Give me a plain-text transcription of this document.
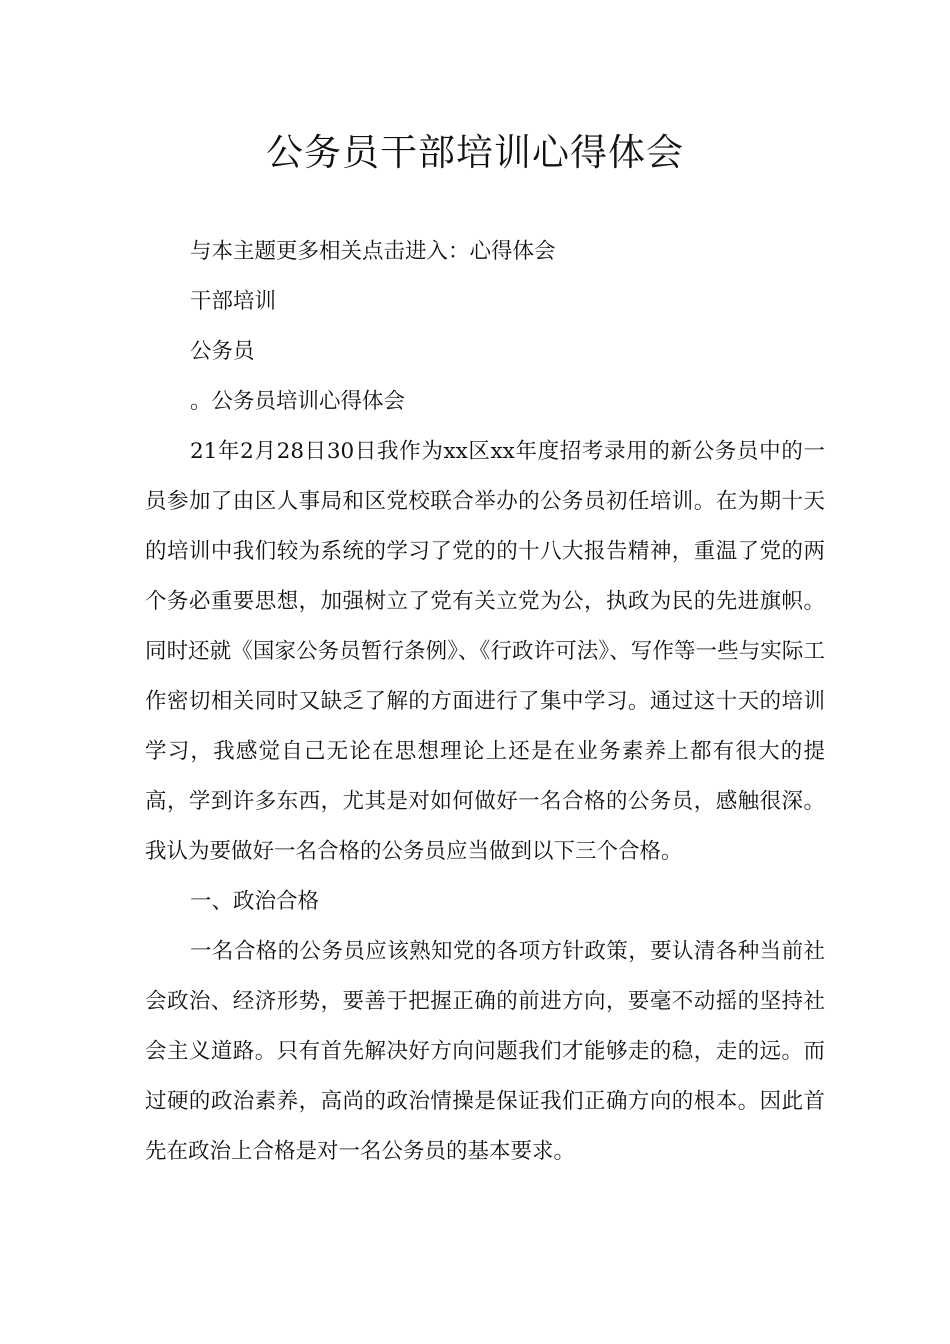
公务员干部培训心得体会

与本主题更多相关点击进入：心得体会

干部培训

公务员

。公务员培训心得体会

21年2月28日30日我作为xx区xx年度招考录用的新公务员中的一员参加了由区人事局和区党校联合举办的公务员初任培训。在为期十天的培训中我们较为系统的学习了党的的十八大报告精神，重温了党的两个务必重要思想，加强树立了党有关立党为公，执政为民的先进旗帜。同时还就《国家公务员暂行条例》、《行政许可法》、写作等一些与实际工作密切相关同时又缺乏了解的方面进行了集中学习。通过这十天的培训学习，我感觉自己无论在思想理论上还是在业务素养上都有很大的提高，学到许多东西，尤其是对如何做好一名合格的公务员，感触很深。我认为要做好一名合格的公务员应当做到以下三个合格。

一、政治合格

一名合格的公务员应该熟知党的各项方针政策，要认清各种当前社会政治、经济形势，要善于把握正确的前进方向，要毫不动摇的坚持社会主义道路。只有首先解决好方向问题我们才能够走的稳，走的远。而过硬的政治素养，高尚的政治情操是保证我们正确方向的根本。因此首先在政治上合格是对一名公务员的基本要求。
